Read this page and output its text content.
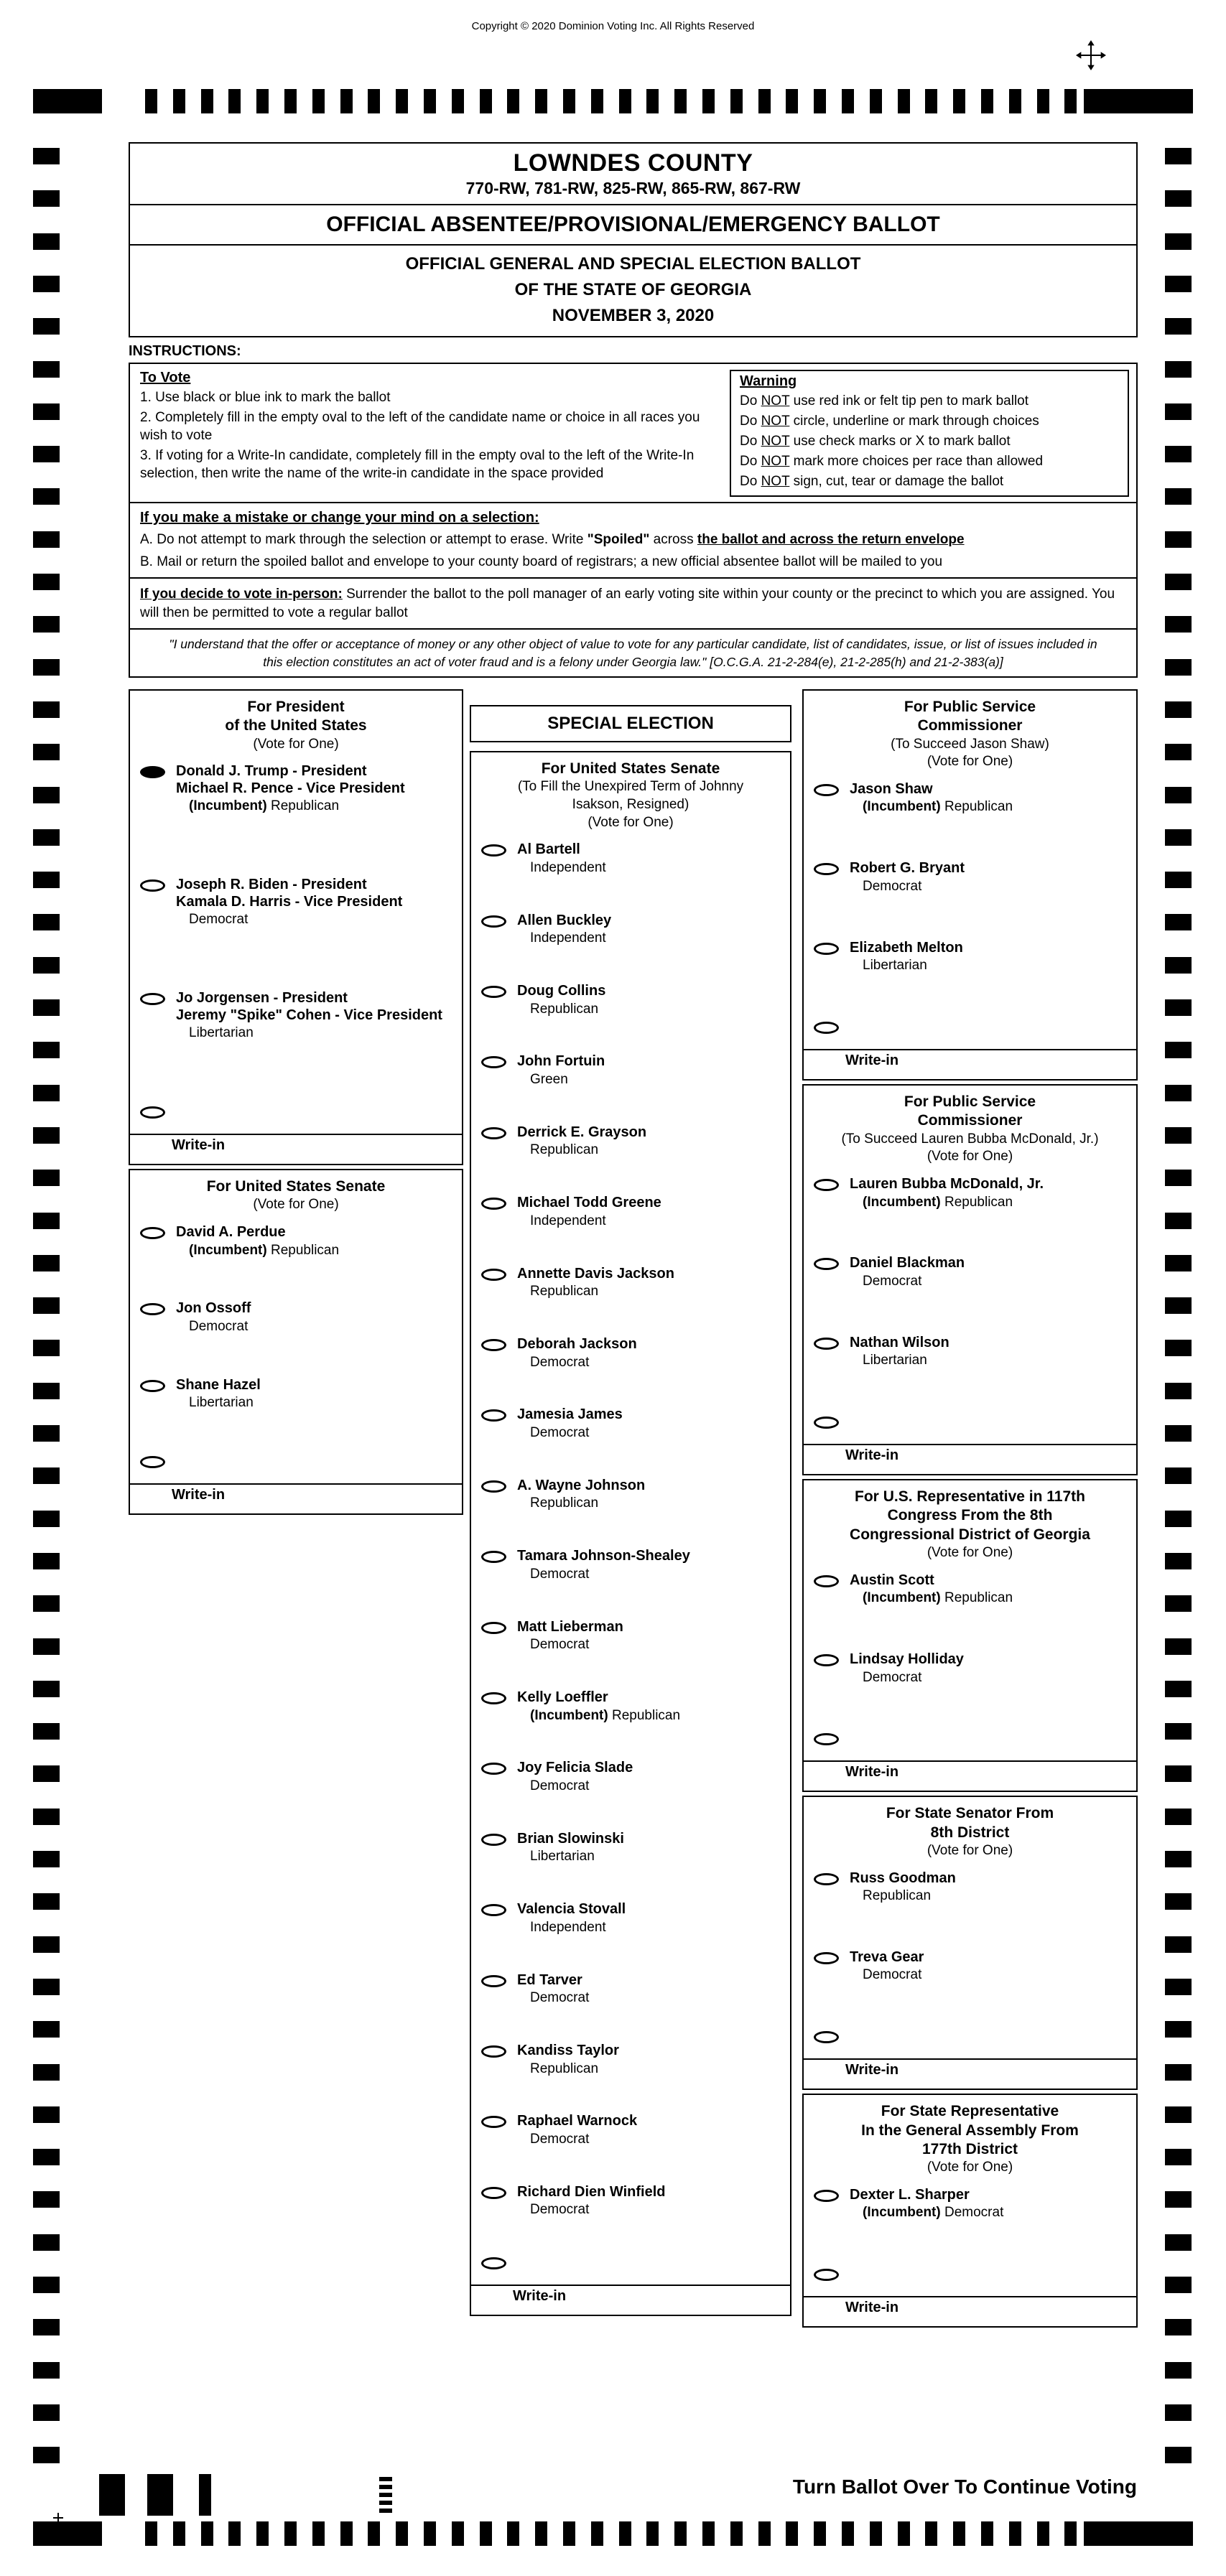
Copyright © 2020 Dominion Voting Inc. All Rights Reserved
LOWNDES COUNTY
770-RW, 781-RW, 825-RW, 865-RW, 867-RW
OFFICIAL ABSENTEE/PROVISIONAL/EMERGENCY BALLOT
OFFICIAL GENERAL AND SPECIAL ELECTION BALLOT
OF THE STATE OF GEORGIA
NOVEMBER 3, 2020
INSTRUCTIONS:
To Vote
1. Use black or blue ink to mark the ballot
2. Completely fill in the empty oval to the left of the candidate name or choice in all races you wish to vote
3. If voting for a Write-In candidate, completely fill in the empty oval to the left of the Write-In selection, then write the name of the write-in candidate in the space provided
Warning
Do NOT use red ink or felt tip pen to mark ballot
Do NOT circle, underline or mark through choices
Do NOT use check marks or X to mark ballot
Do NOT mark more choices per race than allowed
Do NOT sign, cut, tear or damage the ballot
If you make a mistake or change your mind on a selection:
A. Do not attempt to mark through the selection or attempt to erase. Write "Spoiled" across the ballot and across the return envelope
B. Mail or return the spoiled ballot and envelope to your county board of registrars; a new official absentee ballot will be mailed to you
If you decide to vote in-person: Surrender the ballot to the poll manager of an early voting site within your county or the precinct to which you are assigned. You will then be permitted to vote a regular ballot
"I understand that the offer or acceptance of money or any other object of value to vote for any particular candidate, list of candidates, issue, or list of issues included in this election constitutes an act of voter fraud and is a felony under Georgia law." [O.C.G.A. 21-2-284(e), 21-2-285(h) and 21-2-383(a)]
For President
of the United States
(Vote for One)
Donald J. Trump - President
Michael R. Pence - Vice President
(Incumbent) Republican
Joseph R. Biden - President
Kamala D. Harris - Vice President
Democrat
Jo Jorgensen - President
Jeremy "Spike" Cohen - Vice President
Libertarian
Write-in
For United States Senate
(Vote for One)
David A. Perdue
(Incumbent) Republican
Jon Ossoff
Democrat
Shane Hazel
Libertarian
Write-in
SPECIAL ELECTION
For United States Senate
(To Fill the Unexpired Term of Johnny
Isakson, Resigned)
(Vote for One)
Al Bartell
Independent
Allen Buckley
Independent
Doug Collins
Republican
John Fortuin
Green
Derrick E. Grayson
Republican
Michael Todd Greene
Independent
Annette Davis Jackson
Republican
Deborah Jackson
Democrat
Jamesia James
Democrat
A. Wayne Johnson
Republican
Tamara Johnson-Shealey
Democrat
Matt Lieberman
Democrat
Kelly Loeffler
(Incumbent) Republican
Joy Felicia Slade
Democrat
Brian Slowinski
Libertarian
Valencia Stovall
Independent
Ed Tarver
Democrat
Kandiss Taylor
Republican
Raphael Warnock
Democrat
Richard Dien Winfield
Democrat
Write-in
For Public Service
Commissioner
(To Succeed Jason Shaw)
(Vote for One)
Jason Shaw
(Incumbent) Republican
Robert G. Bryant
Democrat
Elizabeth Melton
Libertarian
Write-in
For Public Service
Commissioner
(To Succeed Lauren Bubba McDonald, Jr.)
(Vote for One)
Lauren Bubba McDonald, Jr.
(Incumbent) Republican
Daniel Blackman
Democrat
Nathan Wilson
Libertarian
Write-in
For U.S. Representative in 117th
Congress From the 8th
Congressional District of Georgia
(Vote for One)
Austin Scott
(Incumbent) Republican
Lindsay Holliday
Democrat
Write-in
For State Senator From
8th District
(Vote for One)
Russ Goodman
Republican
Treva Gear
Democrat
Write-in
For State Representative
In the General Assembly From
177th District
(Vote for One)
Dexter L. Sharper
(Incumbent) Democrat
Write-in
Turn Ballot Over To Continue Voting
